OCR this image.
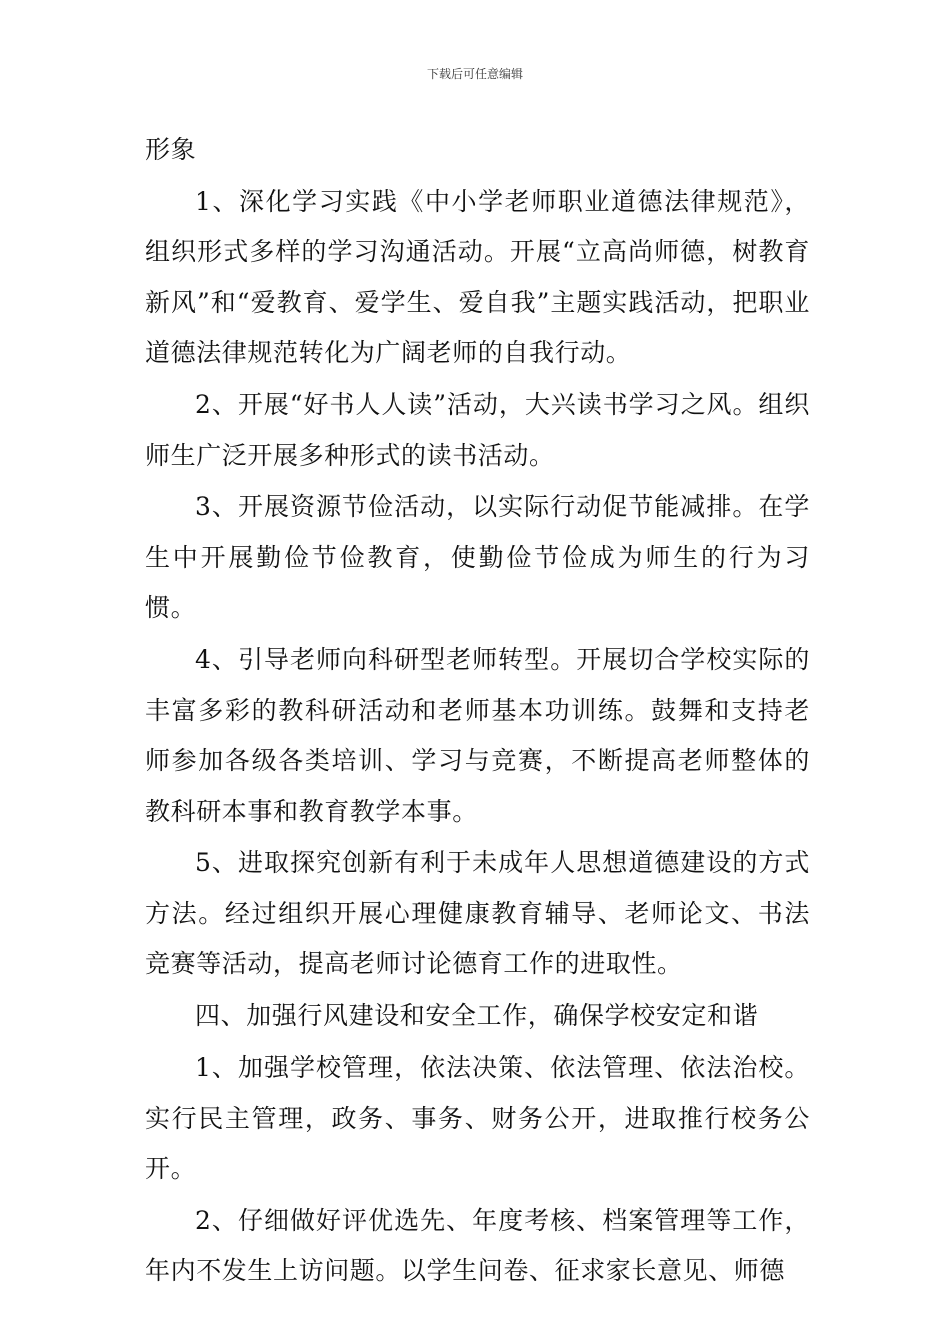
下载后可任意编辑

形象

1、深化学习实践《中小学老师职业道德法律规范》，组织形式多样的学习沟通活动。开展“立高尚师德，树教育新风”和“爱教育、爱学生、爱自我”主题实践活动，把职业道德法律规范转化为广阔老师的自我行动。

2、开展“好书人人读”活动，大兴读书学习之风。组织师生广泛开展多种形式的读书活动。

3、开展资源节俭活动，以实际行动促节能减排。在学生中开展勤俭节俭教育，使勤俭节俭成为师生的行为习惯。

4、引导老师向科研型老师转型。开展切合学校实际的丰富多彩的教科研活动和老师基本功训练。鼓舞和支持老师参加各级各类培训、学习与竞赛，不断提高老师整体的教科研本事和教育教学本事。

5、进取探究创新有利于未成年人思想道德建设的方式方法。经过组织开展心理健康教育辅导、老师论文、书法竞赛等活动，提高老师讨论德育工作的进取性。

四、加强行风建设和安全工作，确保学校安定和谐

1、加强学校管理，依法决策、依法管理、依法治校。实行民主管理，政务、事务、财务公开，进取推行校务公开。

2、仔细做好评优选先、年度考核、档案管理等工作，年内不发生上访问题。以学生问卷、征求家长意见、师德
